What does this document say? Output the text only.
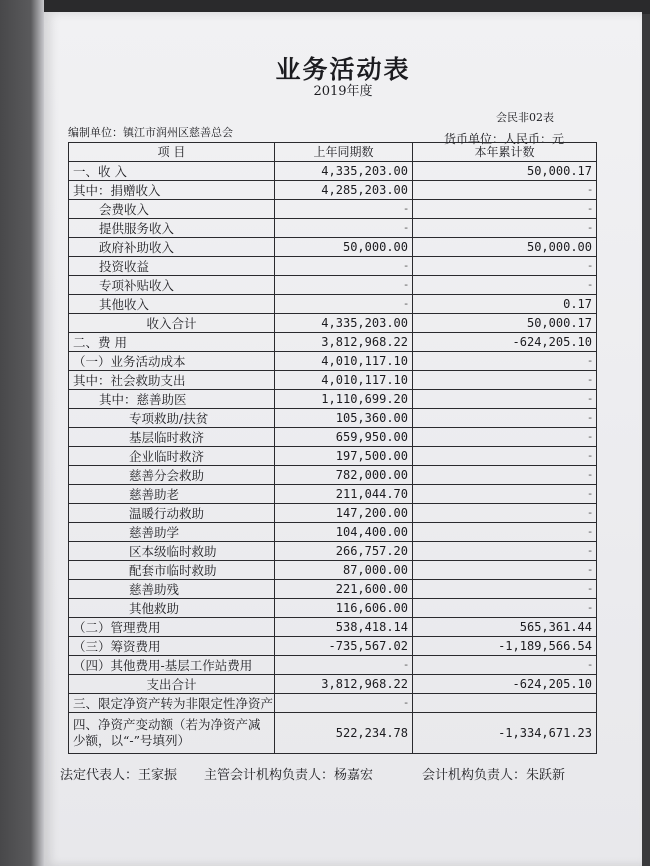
业务活动表
2019年度
会民非02表
编制单位：镇江市润州区慈善总会	货币单位：人民币：元
项 目	上年同期数	本年累计数
一、收 入	4,335,203.00	50,000.17
其中：捐赠收入	4,285,203.00	-
会费收入	-	-
提供服务收入	-	-
政府补助收入	50,000.00	50,000.00
投资收益	-	-
专项补贴收入	-	-
其他收入	-	0.17
收入合计	4,335,203.00	50,000.17
二、费 用	3,812,968.22	-624,205.10
（一）业务活动成本	4,010,117.10	-
其中：社会救助支出	4,010,117.10	-
其中：慈善助医	1,110,699.20	-
专项救助/扶贫	105,360.00	-
基层临时救济	659,950.00	-
企业临时救济	197,500.00	-
慈善分会救助	782,000.00	-
慈善助老	211,044.70	-
温暖行动救助	147,200.00	-
慈善助学	104,400.00	-
区本级临时救助	266,757.20	-
配套市临时救助	87,000.00	-
慈善助残	221,600.00	-
其他救助	116,606.00	-
（二）管理费用	538,418.14	565,361.44
（三）筹资费用	-735,567.02	-1,189,566.54
（四）其他费用-基层工作站费用	-	-
支出合计	3,812,968.22	-624,205.10
三、限定净资产转为非限定性净资产	-	
四、净资产变动额（若为净资产减少额，以“-”号填列）	522,234.78	-1,334,671.23
法定代表人：王家振 主管会计机构负责人：杨嘉宏	会计机构负责人：朱跃新
